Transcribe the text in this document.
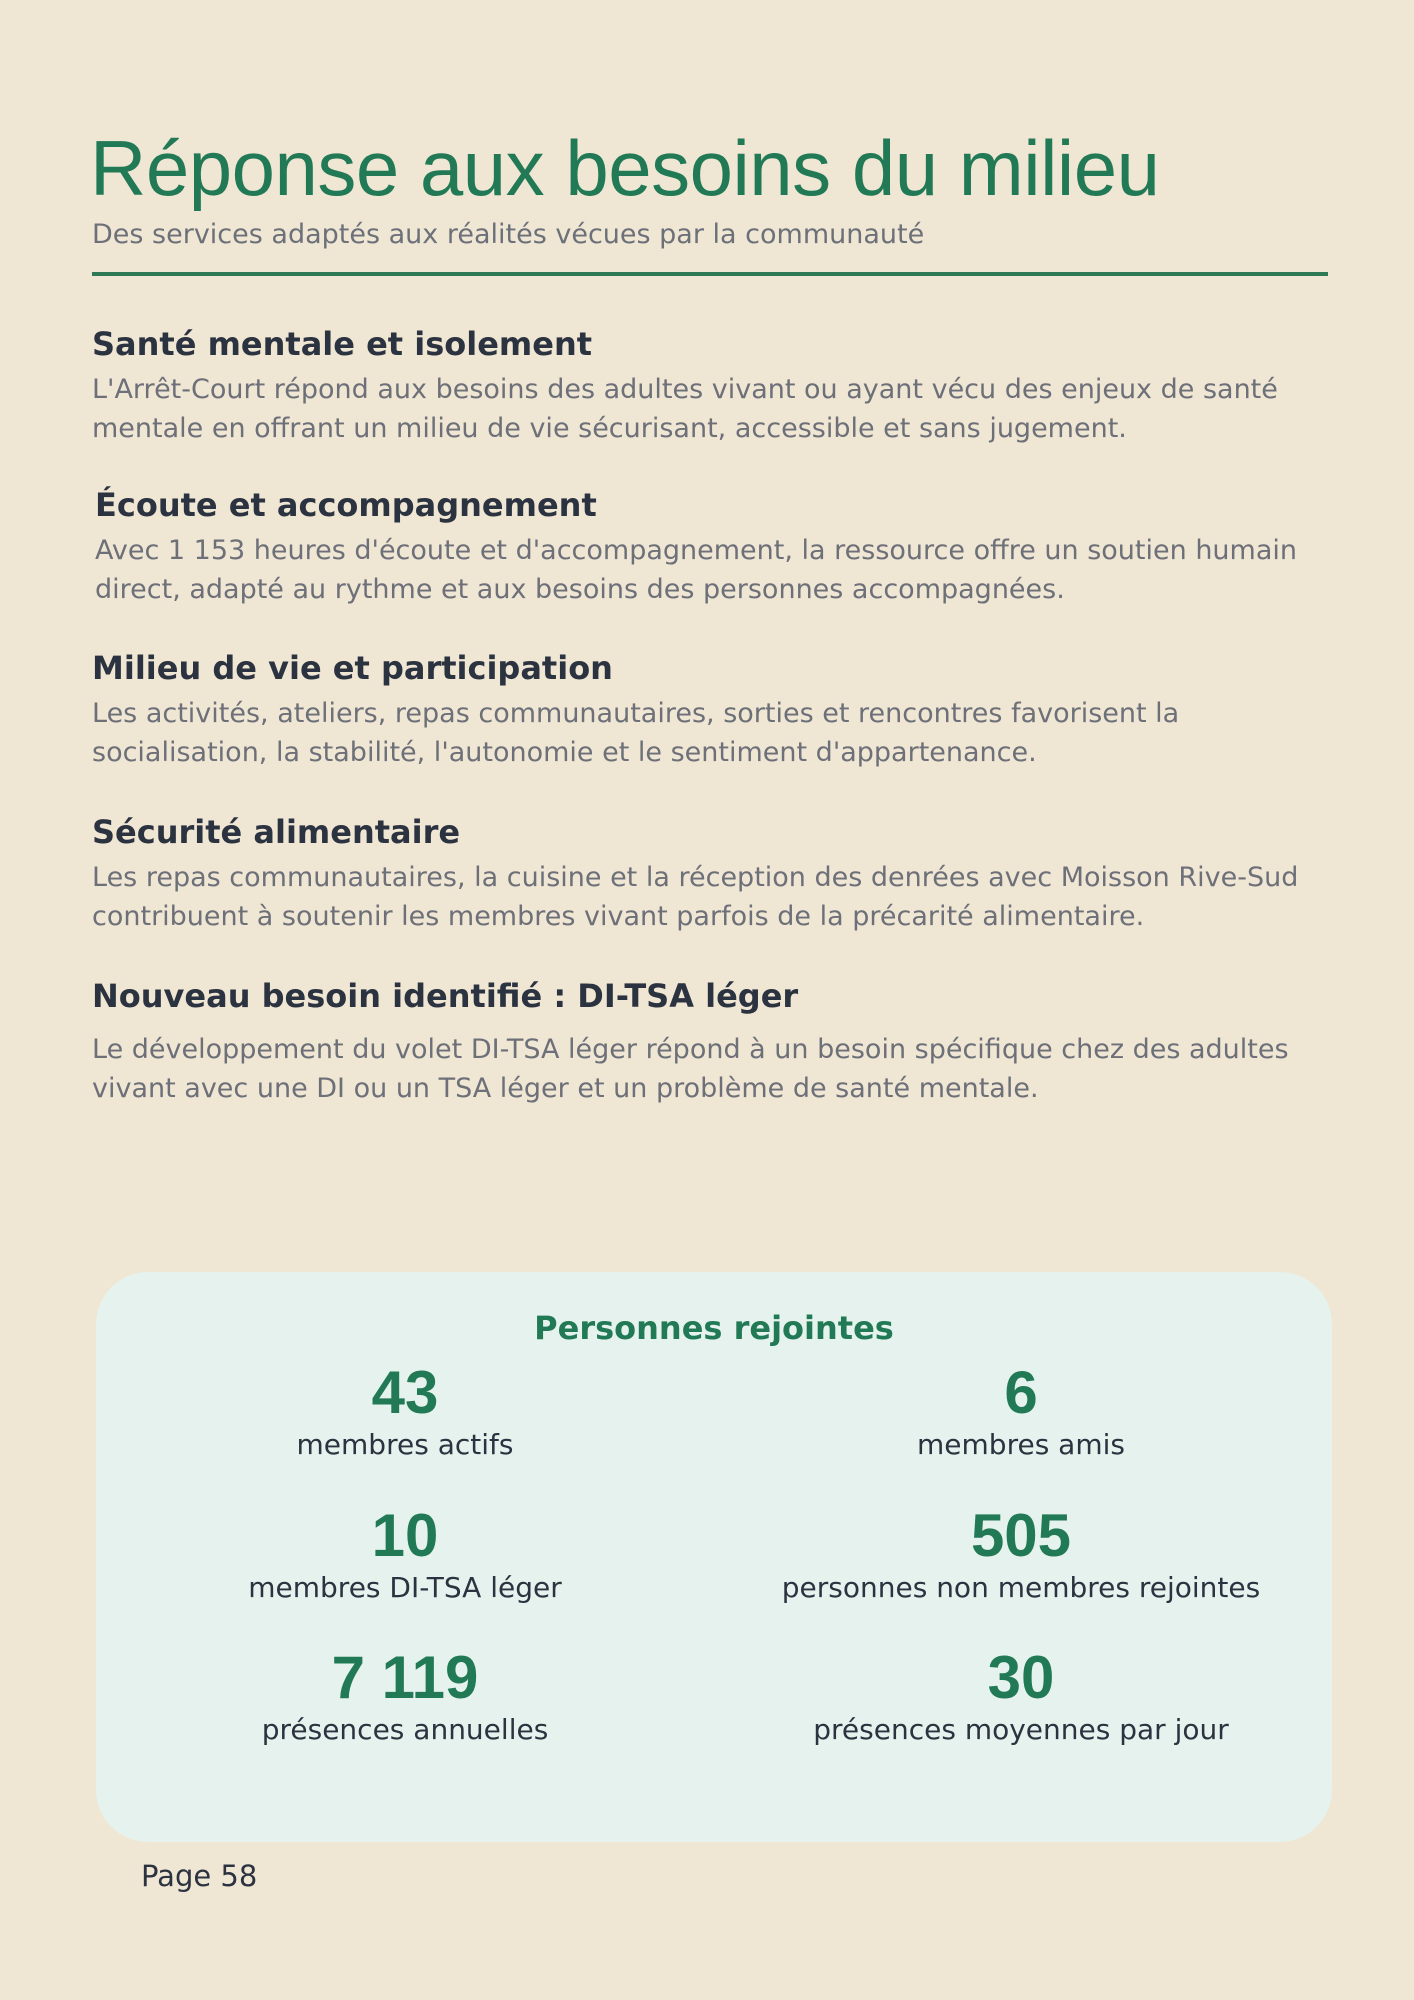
Réponse aux besoins du milieu
Des services adaptés aux réalités vécues par la communauté
Santé mentale et isolement

L'Arrêt-Court répond aux besoins des adultes vivant ou ayant vécu des enjeux de santé mentale en offrant un milieu de vie sécurisant, accessible et sans jugement.

Écoute et accompagnement

Avec 1 153 heures d'écoute et d'accompagnement, la ressource offre un soutien humain direct, adapté au rythme et aux besoins des personnes accompagnées.

Milieu de vie et participation

Les activités, ateliers, repas communautaires, sorties et rencontres favorisent la socialisation, la stabilité, l'autonomie et le sentiment d'appartenance.

Sécurité alimentaire

Les repas communautaires, la cuisine et la réception des denrées avec Moisson Rive-Sud contribuent à soutenir les membres vivant parfois de la précarité alimentaire.

Nouveau besoin identifié : DI-TSA léger

Le développement du volet DI-TSA léger répond à un besoin spécifique chez des adultes vivant avec une DI ou un TSA léger et un problème de santé mentale.

Personnes rejointes
43
membres actifs
6
membres amis
10
membres DI-TSA léger
505
personnes non membres rejointes
7 119
présences annuelles
30
présences moyennes par jour
Page 58
